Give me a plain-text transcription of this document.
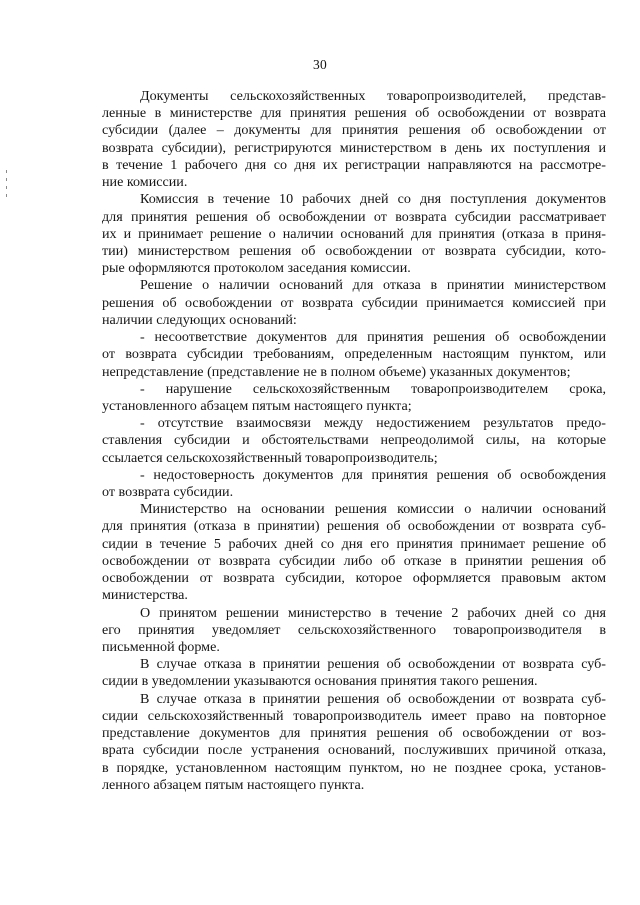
30
Документы сельскохозяйственных товаропроизводителей, представ-
ленные в министерстве для принятия решения об освобождении от возврата
субсидии (далее – документы для принятия решения об освобождении от
возврата субсидии), регистрируются министерством в день их поступления и
в течение 1 рабочего дня со дня их регистрации направляются на рассмотре-
ние комиссии.
Комиссия в течение 10 рабочих дней со дня поступления документов
для принятия решения об освобождении от возврата субсидии рассматривает
их и принимает решение о наличии оснований для принятия (отказа в приня-
тии) министерством решения об освобождении от возврата субсидии, кото-
рые оформляются протоколом заседания комиссии.
Решение о наличии оснований для отказа в принятии министерством
решения об освобождении от возврата субсидии принимается комиссией при
наличии следующих оснований:
- несоответствие документов для принятия решения об освобождении
от возврата субсидии требованиям, определенным настоящим пунктом, или
непредставление (представление не в полном объеме) указанных документов;
- нарушение сельскохозяйственным товаропроизводителем срока,
установленного абзацем пятым настоящего пункта;
- отсутствие взаимосвязи между недостижением результатов предо-
ставления субсидии и обстоятельствами непреодолимой силы, на которые
ссылается сельскохозяйственный товаропроизводитель;
- недостоверность документов для принятия решения об освобождения
от возврата субсидии.
Министерство на основании решения комиссии о наличии оснований
для принятия (отказа в принятии) решения об освобождении от возврата суб-
сидии в течение 5 рабочих дней со дня его принятия принимает решение об
освобождении от возврата субсидии либо об отказе в принятии решения об
освобождении от возврата субсидии, которое оформляется правовым актом
министерства.
О принятом решении министерство в течение 2 рабочих дней со дня
его принятия уведомляет сельскохозяйственного товаропроизводителя в
письменной форме.
В случае отказа в принятии решения об освобождении от возврата суб-
сидии в уведомлении указываются основания принятия такого решения.
В случае отказа в принятии решения об освобождении от возврата суб-
сидии сельскохозяйственный товаропроизводитель имеет право на повторное
представление документов для принятия решения об освобождении от воз-
врата субсидии после устранения оснований, послуживших причиной отказа,
в порядке, установленном настоящим пунктом, но не позднее срока, установ-
ленного абзацем пятым настоящего пункта.
